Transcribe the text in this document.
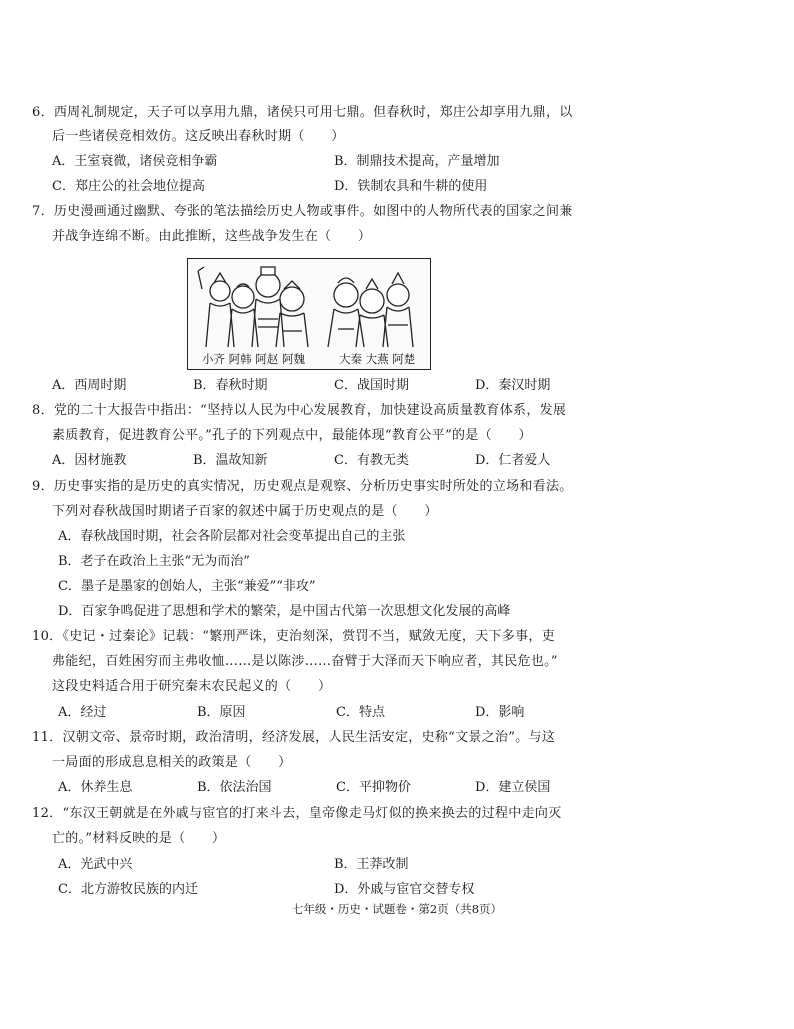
6．西周礼制规定，天子可以享用九鼎，诸侯只可用七鼎。但春秋时，郑庄公却享用九鼎，以
后一些诸侯竞相效仿。这反映出春秋时期（　　）
A．王室衰微，诸侯竞相争霸	B．制鼎技术提高，产量增加
C．郑庄公的社会地位提高	D．铁制农具和牛耕的使用
7．历史漫画通过幽默、夸张的笔法描绘历史人物或事件。如图中的人物所代表的国家之间兼
并战争连绵不断。由此推断，这些战争发生在（　　）
小齐 阿韩 阿赵 阿魏	大秦 大燕 阿楚
A．西周时期	B．春秋时期	C．战国时期	D．秦汉时期
8．党的二十大报告中指出：“坚持以人民为中心发展教育，加快建设高质量教育体系，发展
素质教育，促进教育公平。”孔子的下列观点中，最能体现“教育公平”的是（　　）
A．因材施教	B．温故知新	C．有教无类	D．仁者爱人
9．历史事实指的是历史的真实情况，历史观点是观察、分析历史事实时所处的立场和看法。
下列对春秋战国时期诸子百家的叙述中属于历史观点的是（　　）
A．春秋战国时期，社会各阶层都对社会变革提出自己的主张
B．老子在政治上主张“无为而治”
C．墨子是墨家的创始人，主张“兼爱”“非攻”
D．百家争鸣促进了思想和学术的繁荣，是中国古代第一次思想文化发展的高峰
10．《史记・过秦论》记载：“繁刑严诛，吏治刻深，赏罚不当，赋敛无度，天下多事，吏
弗能纪，百姓困穷而主弗收恤……是以陈涉……奋臂于大泽而天下响应者，其民危也。”
这段史料适合用于研究秦末农民起义的（　　）
A．经过	B．原因	C．特点	D．影响
11．汉朝文帝、景帝时期，政治清明，经济发展，人民生活安定，史称“文景之治”。与这
一局面的形成息息相关的政策是（　　）
A．休养生息	B．依法治国	C．平抑物价	D．建立侯国
12．“东汉王朝就是在外戚与宦官的打来斗去，皇帝像走马灯似的换来换去的过程中走向灭
亡的。”材料反映的是（　　）
A．光武中兴	B．王莽改制
C．北方游牧民族的内迁	D．外戚与宦官交替专权
七年级・历史・试题卷・第2页（共8页）
